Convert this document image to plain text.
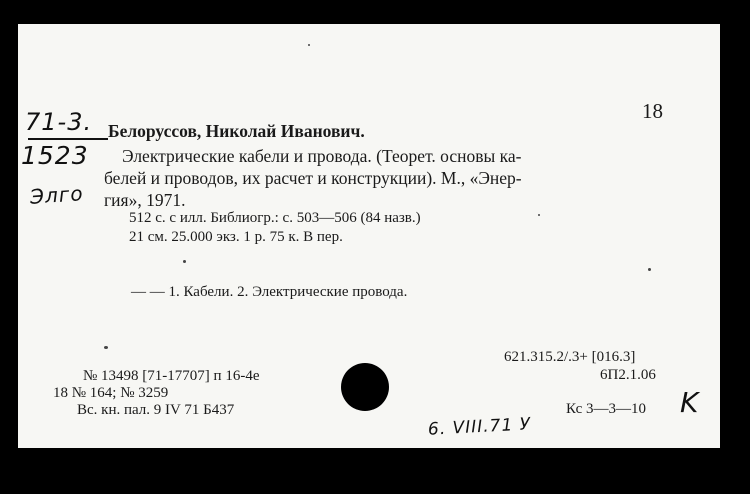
71-3.
1523
Элго
18
Белоруссов, Николай Иванович.
Электрические кабели и провода. (Теорет. основы ка-
белей и проводов, их расчет и конструкции). М., «Энер-
гия», 1971.
512 с. с илл. Библиогр.: с. 503—506 (84 назв.)
21 см. 25.000 экз. 1 р. 75 к. В пер.
— — 1. Кабели. 2. Электрические провода.
621.315.2/.3+ [016.3]
6П2.1.06
Кс 3—3—10
№ 13498 [71-17707] п 16-4е
18 № 164; № 3259
Вс. кн. пал. 9 IV 71 Б437
6. VIII.71 У
K
